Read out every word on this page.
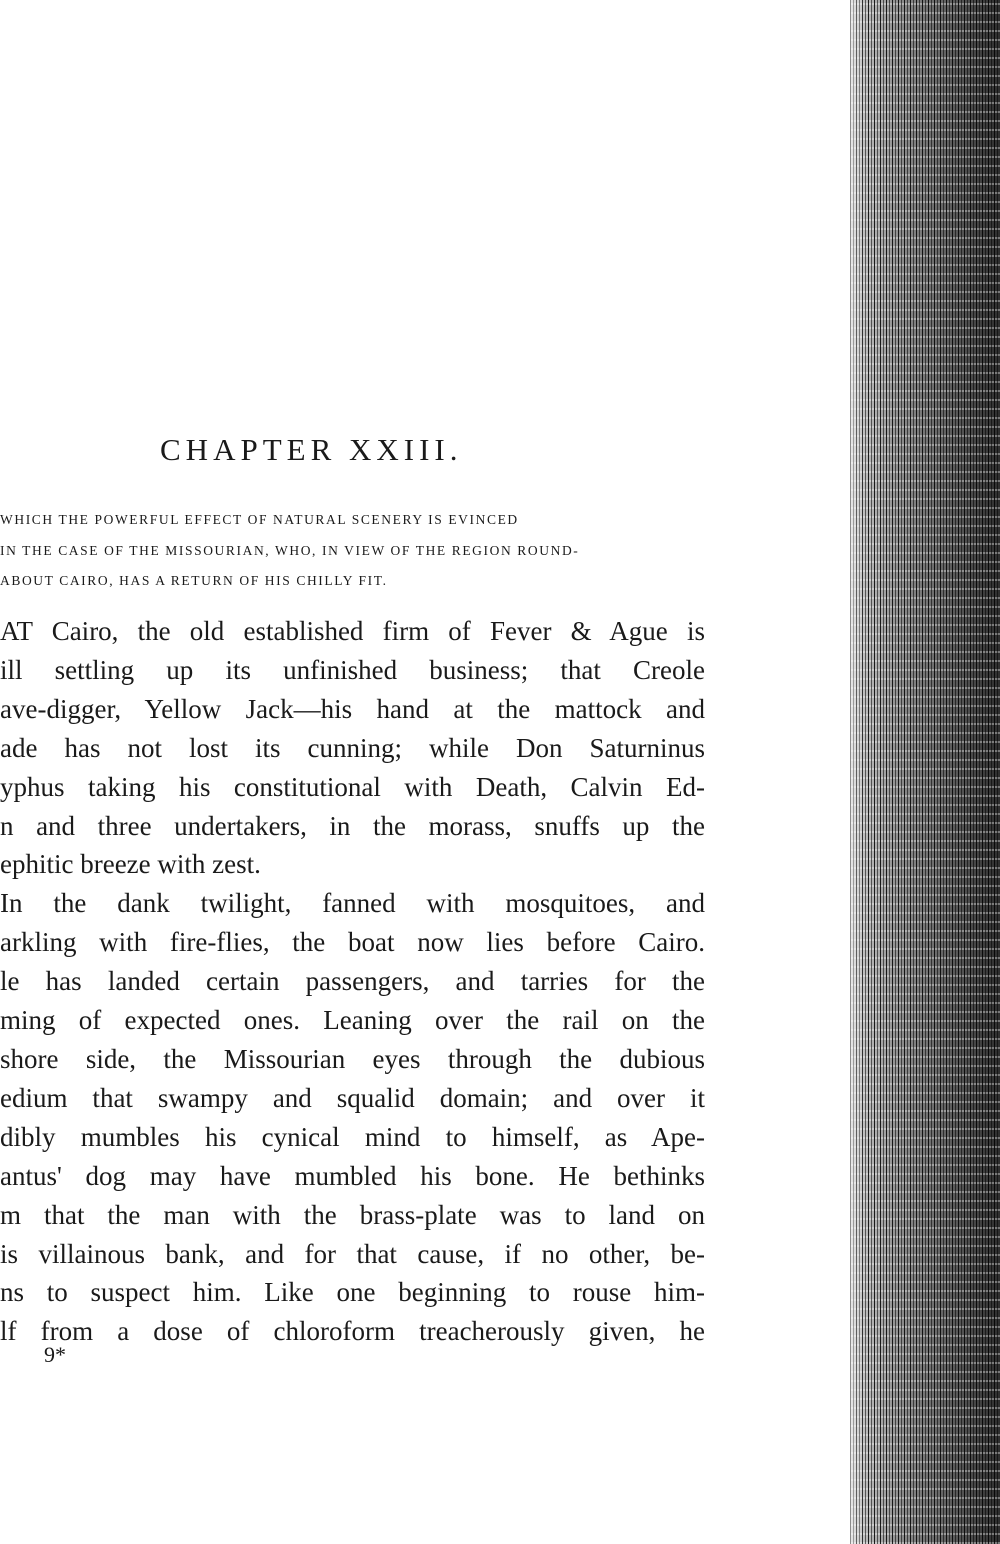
CHAPTER XXIII.

WHICH THE POWERFUL EFFECT OF NATURAL SCENERY IS EVINCED
IN THE CASE OF THE MISSOURIAN, WHO, IN VIEW OF THE REGION ROUND-
ABOUT CAIRO, HAS A RETURN OF HIS CHILLY FIT.

AT Cairo, the old established firm of Fever & Ague is
ill settling up its unfinished business; that Creole
ave-digger, Yellow Jack—his hand at the mattock and
ade has not lost its cunning; while Don Saturninus
yphus taking his constitutional with Death, Calvin Ed-
n and three undertakers, in the morass, snuffs up the
ephitic breeze with zest.
In the dank twilight, fanned with mosquitoes, and
arkling with fire-flies, the boat now lies before Cairo.
le has landed certain passengers, and tarries for the
ming of expected ones. Leaning over the rail on the
shore side, the Missourian eyes through the dubious
edium that swampy and squalid domain; and over it
dibly mumbles his cynical mind to himself, as Ape-
antus' dog may have mumbled his bone. He bethinks
m that the man with the brass-plate was to land on
is villainous bank, and for that cause, if no other, be-
ns to suspect him. Like one beginning to rouse him-
lf from a dose of chloroform treacherously given, he

9*
